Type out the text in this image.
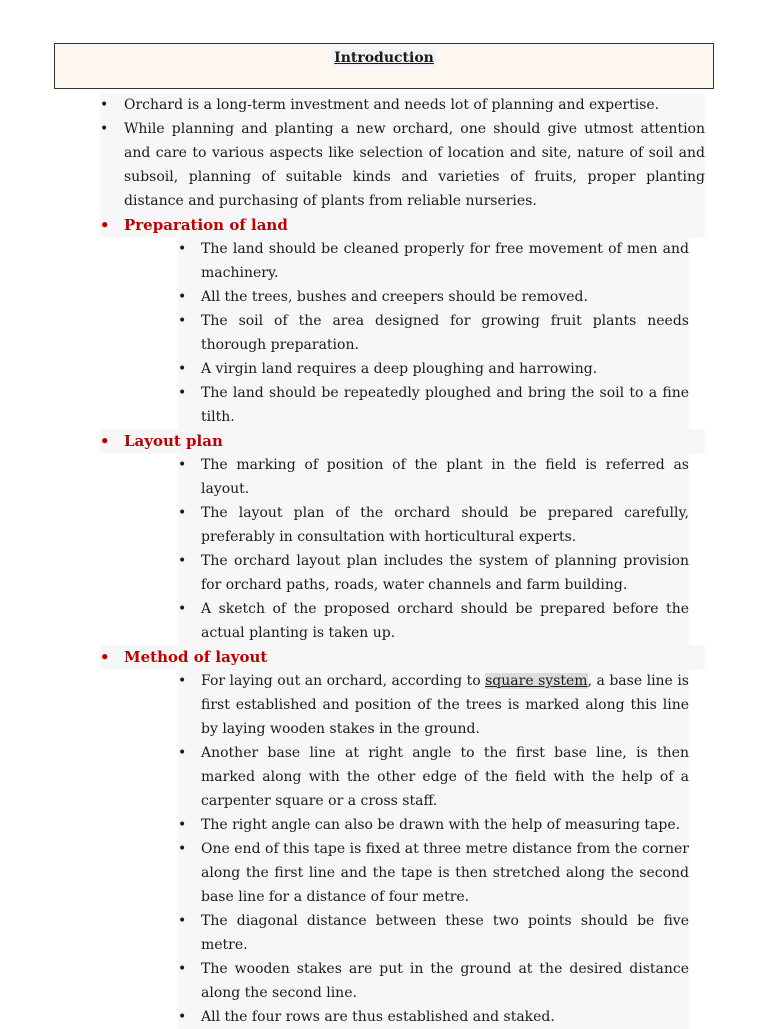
Introduction
• Orchard is a long-term investment and needs lot of planning and expertise.
• While planning and planting a new orchard, one should give utmost attention and care to various aspects like selection of location and site, nature of soil and subsoil, planning of suitable kinds and varieties of fruits, proper planting distance and purchasing of plants from reliable nurseries.
• Preparation of land
• The land should be cleaned properly for free movement of men and machinery.
• All the trees, bushes and creepers should be removed.
• The soil of the area designed for growing fruit plants needs thorough preparation.
• A virgin land requires a deep ploughing and harrowing.
• The land should be repeatedly ploughed and bring the soil to a fine tilth.
• Layout plan
• The marking of position of the plant in the field is referred as layout.
• The layout plan of the orchard should be prepared carefully, preferably in consultation with horticultural experts.
• The orchard layout plan includes the system of planning provision for orchard paths, roads, water channels and farm building.
• A sketch of the proposed orchard should be prepared before the actual planting is taken up.
• Method of layout
• For laying out an orchard, according to square system, a base line is first established and position of the trees is marked along this line by laying wooden stakes in the ground.
• Another base line at right angle to the first base line, is then marked along with the other edge of the field with the help of a carpenter square or a cross staff.
• The right angle can also be drawn with the help of measuring tape.
• One end of this tape is fixed at three metre distance from the corner along the first line and the tape is then stretched along the second base line for a distance of four metre.
• The diagonal distance between these two points should be five metre.
• The wooden stakes are put in the ground at the desired distance along the second line.
• All the four rows are thus established and staked.
